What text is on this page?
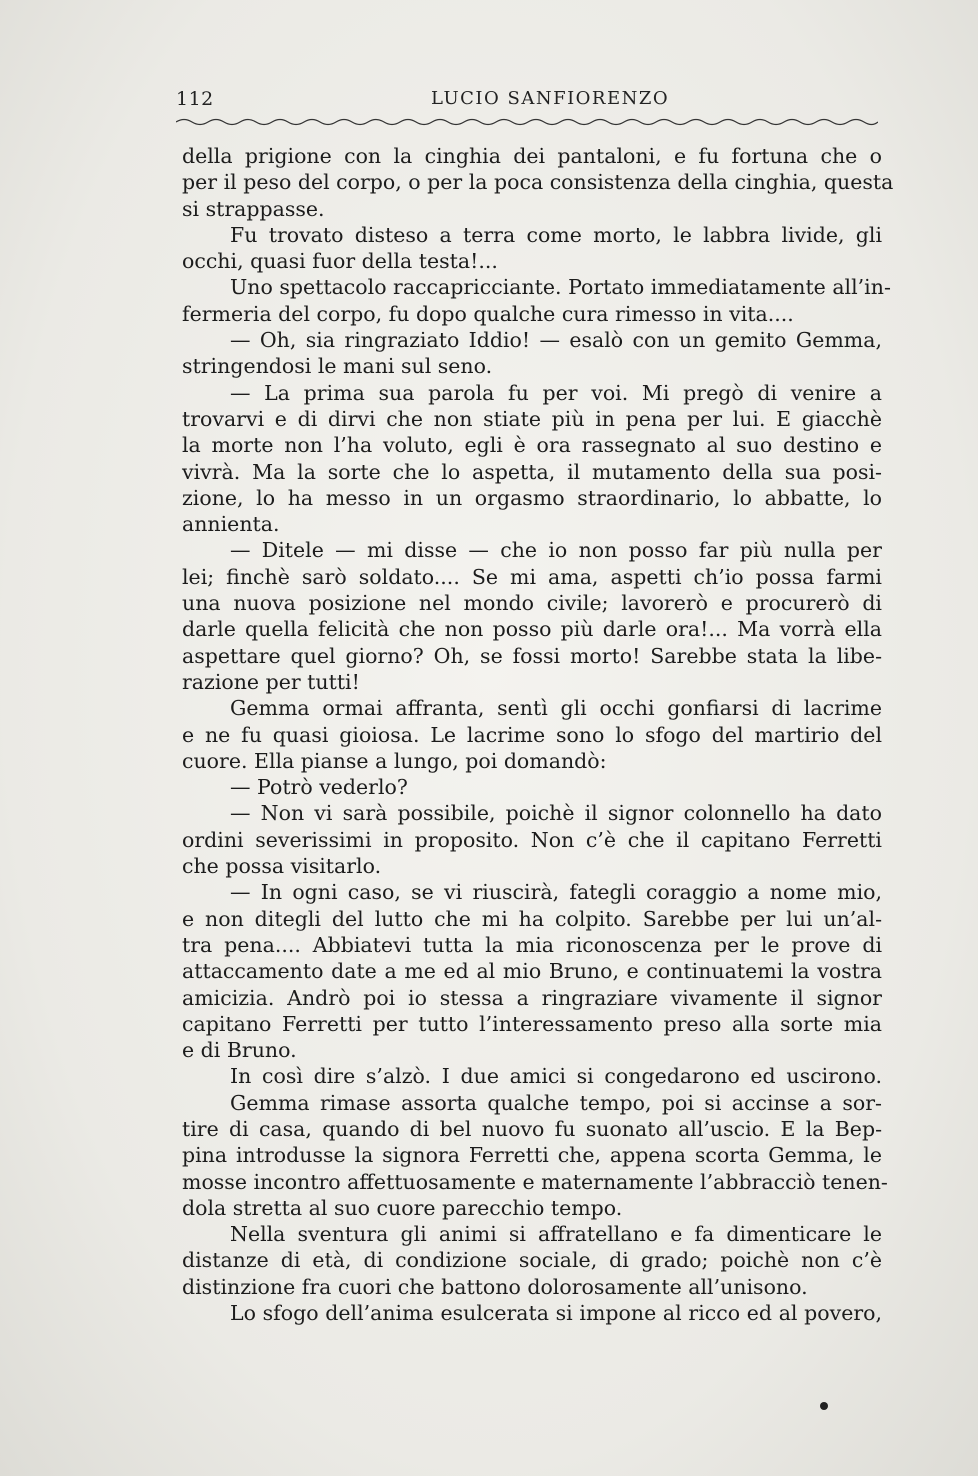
112	LUCIO SANFIORENZO
della prigione con la cinghia dei pantaloni, e fu fortuna che o
per il peso del corpo, o per la poca consistenza della cinghia, questa
si strappasse.
Fu trovato disteso a terra come morto, le labbra livide, gli
occhi, quasi fuor della testa!...
Uno spettacolo raccapricciante. Portato immediatamente all’in-
fermeria del corpo, fu dopo qualche cura rimesso in vita....
— Oh, sia ringraziato Iddio! — esalò con un gemito Gemma,
stringendosi le mani sul seno.
— La prima sua parola fu per voi. Mi pregò di venire a
trovarvi e di dirvi che non stiate più in pena per lui. E giacchè
la morte non l’ha voluto, egli è ora rassegnato al suo destino e
vivrà. Ma la sorte che lo aspetta, il mutamento della sua posi-
zione, lo ha messo in un orgasmo straordinario, lo abbatte, lo
annienta.
— Ditele — mi disse — che io non posso far più nulla per
lei; finchè sarò soldato.... Se mi ama, aspetti ch’io possa farmi
una nuova posizione nel mondo civile; lavorerò e procurerò di
darle quella felicità che non posso più darle ora!... Ma vorrà ella
aspettare quel giorno? Oh, se fossi morto! Sarebbe stata la libe-
razione per tutti!
Gemma ormai affranta, sentì gli occhi gonfiarsi di lacrime
e ne fu quasi gioiosa. Le lacrime sono lo sfogo del martirio del
cuore. Ella pianse a lungo, poi domandò:
— Potrò vederlo?
— Non vi sarà possibile, poichè il signor colonnello ha dato
ordini severissimi in proposito. Non c’è che il capitano Ferretti
che possa visitarlo.
— In ogni caso, se vi riuscirà, fategli coraggio a nome mio,
e non ditegli del lutto che mi ha colpito. Sarebbe per lui un’al-
tra pena.... Abbiatevi tutta la mia riconoscenza per le prove di
attaccamento date a me ed al mio Bruno, e continuatemi la vostra
amicizia. Andrò poi io stessa a ringraziare vivamente il signor
capitano Ferretti per tutto l’interessamento preso alla sorte mia
e di Bruno.
In così dire s’alzò. I due amici si congedarono ed uscirono.
Gemma rimase assorta qualche tempo, poi si accinse a sor-
tire di casa, quando di bel nuovo fu suonato all’uscio. E la Bep-
pina introdusse la signora Ferretti che, appena scorta Gemma, le
mosse incontro affettuosamente e maternamente l’abbracciò tenen-
dola stretta al suo cuore parecchio tempo.
Nella sventura gli animi si affratellano e fa dimenticare le
distanze di età, di condizione sociale, di grado; poichè non c’è
distinzione fra cuori che battono dolorosamente all’unisono.
Lo sfogo dell’anima esulcerata si impone al ricco ed al povero,
